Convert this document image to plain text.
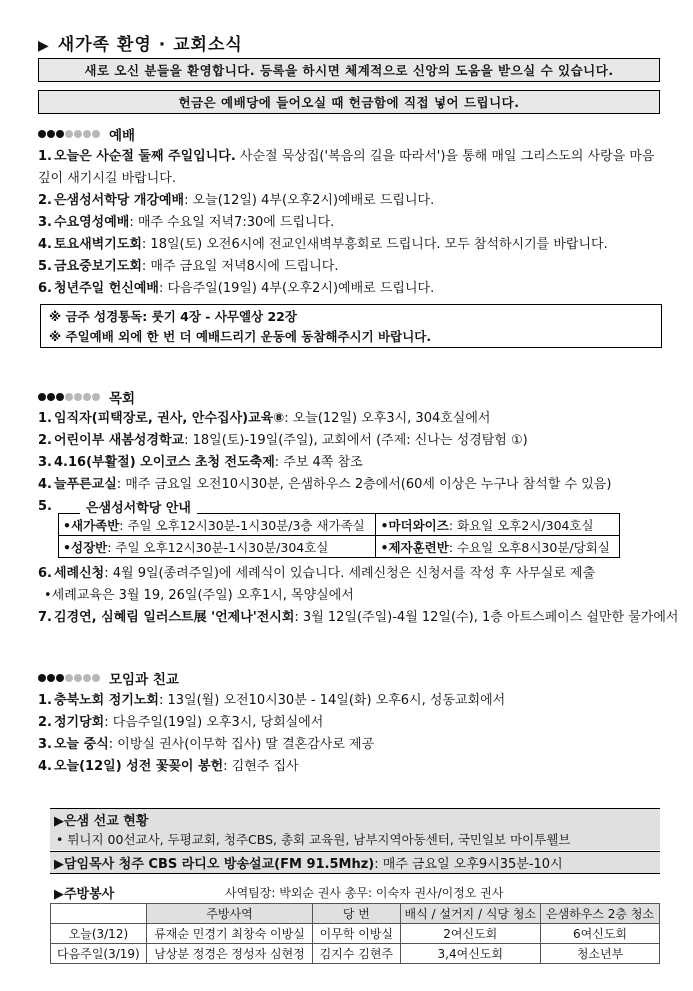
▶ 새가족 환영 · 교회소식
새로 오신 분들을 환영합니다. 등록을 하시면 체계적으로 신앙의 도움을 받으실 수 있습니다.
헌금은 예배당에 들어오실 때 헌금함에 직접 넣어 드립니다.
예배
1. 오늘은 사순절 둘째 주일입니다. 사순절 묵상집('복음의 길을 따라서')을 통해 매일 그리스도의 사랑을 마음 깊이 새기시길 바랍니다.
2. 은샘성서학당 개강예배: 오늘(12일) 4부(오후2시)예배로 드립니다.
3. 수요영성예배: 매주 수요일 저녁7:30에 드립니다.
4. 토요새벽기도회: 18일(토) 오전6시에 전교인새벽부흥회로 드립니다. 모두 참석하시기를 바랍니다.
5. 금요중보기도회: 매주 금요일 저녁8시에 드립니다.
6. 청년주일 헌신예배: 다음주일(19일) 4부(오후2시)예배로 드립니다.
※ 금주 성경통독: 룻기 4장 - 사무엘상 22장
※ 주일예배 외에 한 번 더 예배드리기 운동에 동참해주시기 바랍니다.
목회
1. 임직자(피택장로, 권사, 안수집사)교육⑧: 오늘(12일) 오후3시, 304호실에서
2. 어린이부 새봄성경학교: 18일(토)-19일(주일), 교회에서 (주제: 신나는 성경탐험 ①)
3. 4.16(부활절) 오이코스 초청 전도축제: 주보 4쪽 참조
4. 늘푸른교실: 매주 금요일 오전10시30분, 은샘하우스 2층에서(60세 이상은 누구나 참석할 수 있음)
5.	은샘성서학당 안내
•새가족반: 주일 오후12시30분-1시30분/3층 새가족실	•마더와이즈: 화요일 오후2시/304호실
•성장반: 주일 오후12시30분-1시30분/304호실	•제자훈련반: 수요일 오후8시30분/당회실
6. 세례신청: 4월 9일(종려주일)에 세례식이 있습니다. 세례신청은 신청서를 작성 후 사무실로 제출
•세례교육은 3월 19, 26일(주일) 오후1시, 목양실에서
7. 김경연, 심혜림 일러스트展 '언제나'전시회: 3월 12일(주일)-4월 12일(수), 1층 아트스페이스 쉴만한 물가에서
모임과 친교
1. 충북노회 정기노회: 13일(월) 오전10시30분 - 14일(화) 오후6시, 성동교회에서
2. 정기당회: 다음주일(19일) 오후3시, 당회실에서
3. 오늘 중식: 이방실 권사(이무학 집사) 딸 결혼감사로 제공
4. 오늘(12일) 성전 꽃꽂이 봉헌: 김현주 집사
▶은샘 선교 현황
• 튀니지 00선교사, 두평교회, 청주CBS, 총회 교육원, 남부지역아동센터, 국민일보 마이투웰브
▶담임목사 청주 CBS 라디오 방송설교(FM 91.5Mhz): 매주 금요일 오후9시35분-10시
▶주방봉사	사역팀장: 박외순 권사 총무: 이숙자 권사/이정오 권사
	주방사역	당 번	배식 / 설거지 / 식당 청소	은샘하우스 2층 청소
오늘(3/12)	류재순 민경기 최창숙 이방실	이무학 이방실	2여신도회	6여신도회
다음주일(3/19)	남상분 정경은 정성자 심현정	김지수 김현주	3,4여신도회	청소년부
